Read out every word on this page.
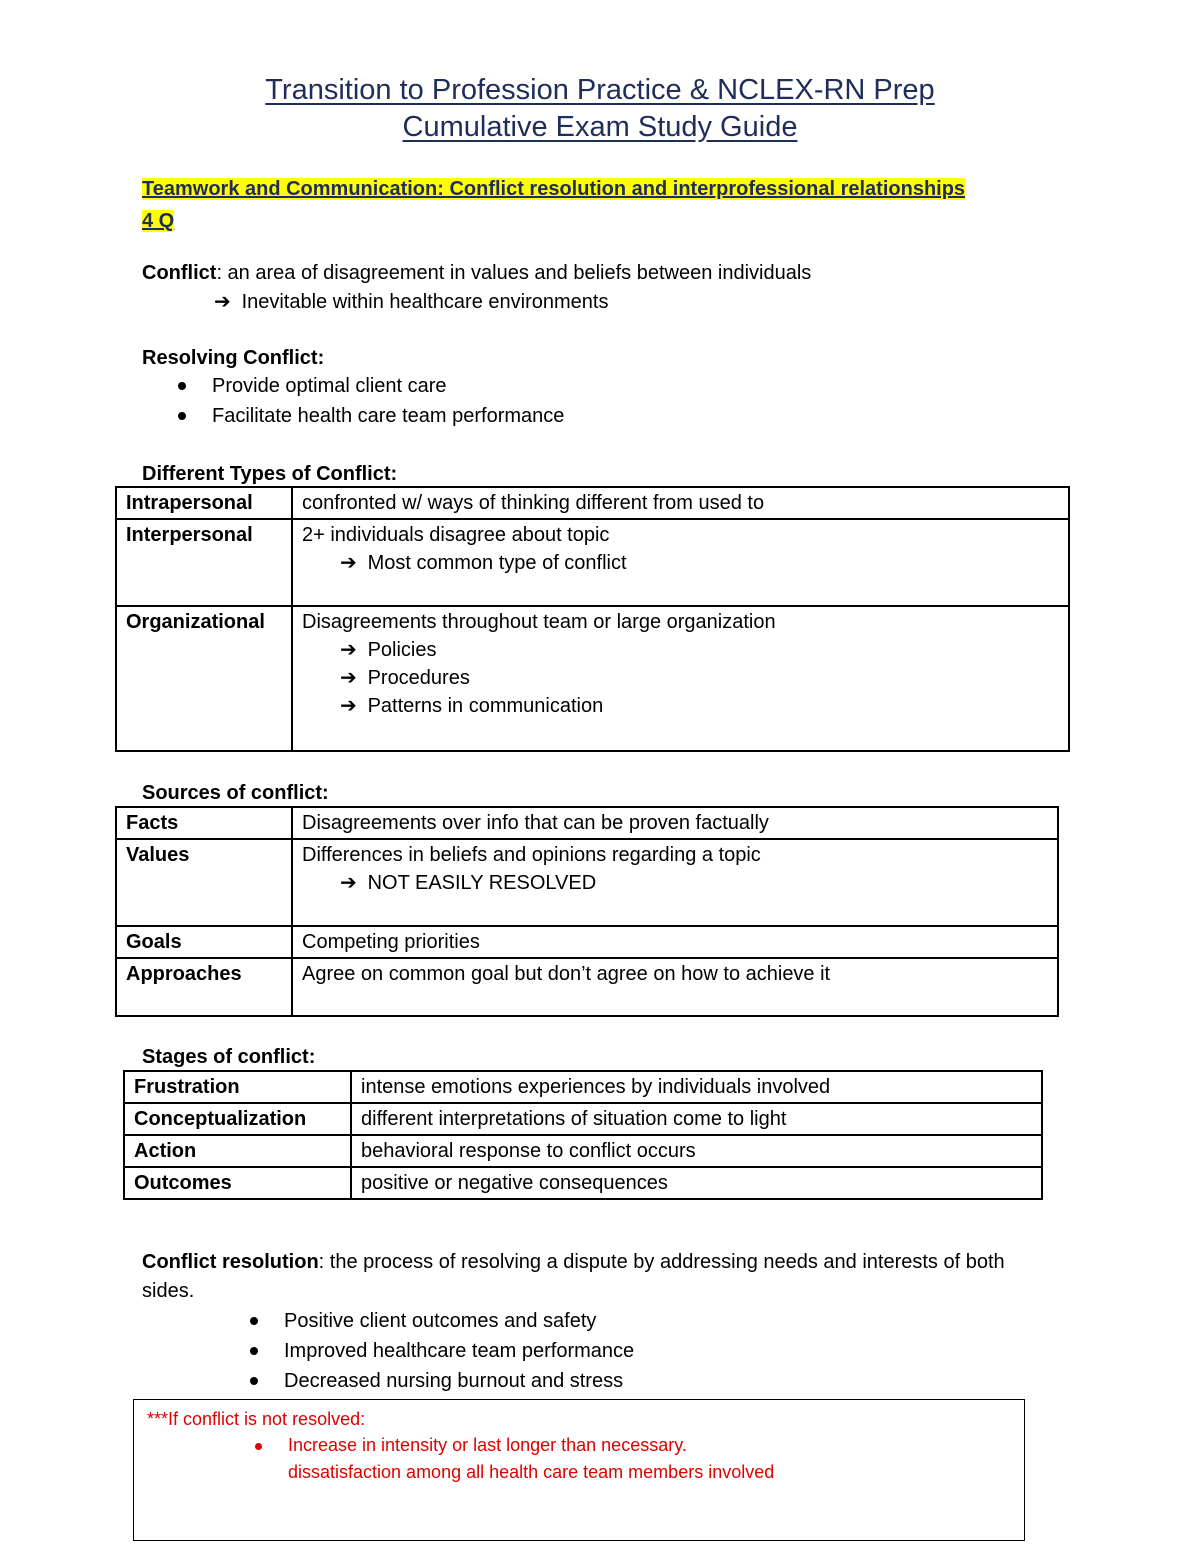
Transition to Profession Practice & NCLEX-RN Prep
Cumulative Exam Study Guide
Teamwork and Communication: Conflict resolution and interprofessional relationships
4 Q
Conflict: an area of disagreement in values and beliefs between individuals
➔ Inevitable within healthcare environments
Resolving Conflict:
Provide optimal client care
Facilitate health care team performance
Different Types of Conflict:
Intrapersonal	confronted w/ ways of thinking different from used to
Interpersonal	2+ individuals disagree about topic
➔ Most common type of conflict

Organizational	Disagreements throughout team or large organization
➔ Policies
➔ Procedures
➔ Patterns in communication
Sources of conflict:
Facts	Disagreements over info that can be proven factually
Values	Differences in beliefs and opinions regarding a topic
➔ NOT EASILY RESOLVED

Goals	Competing priorities
Approaches	Agree on common goal but don’t agree on how to achieve it
Stages of conflict:
Frustration	intense emotions experiences by individuals involved
Conceptualization	different interpretations of situation come to light
Action	behavioral response to conflict occurs
Outcomes	positive or negative consequences
Conflict resolution: the process of resolving a dispute by addressing needs and interests of both
sides.
Positive client outcomes and safety
Improved healthcare team performance
Decreased nursing burnout and stress
***If conflict is not resolved:
Increase in intensity or last longer than necessary.
dissatisfaction among all health care team members involved
